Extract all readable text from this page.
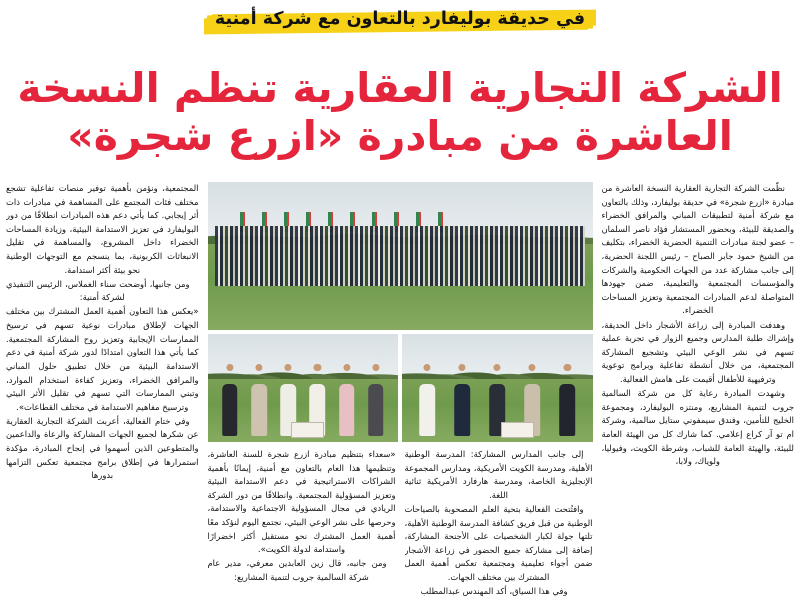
في حديقة بوليفارد بالتعاون مع شركة أمنية
الشركة التجارية العقارية تنظم النسخة
العاشرة من مبادرة «ازرع شجرة»

نظّمت الشركة التجارية العقارية النسخة العاشرة من مبادرة «ازرع شجرة» في حديقة بوليفارد، وذلك بالتعاون مع شركة أمنية لتطبيقات المباني والمرافق الخضراء والصديقة للبيئة، وبحضور المستشار فؤاد ناصر السلمان – عضو لجنة مبادرات التنمية الحضرية الخضراء، بتكليف من الشيخ حمود جابر الصباح – رئيس اللجنة الحضرية، إلى جانب مشاركة عدد من الجهات الحكومية والشركات والمؤسسات المجتمعية والتعليمية، ضمن جهودها المتواصلة لدعم المبادرات المجتمعية وتعزيز المساحات الخضراء.

وهدفت المبادرة إلى زراعة الأشجار داخل الحديقة، وإشراك طلبة المدارس وجميع الزوار في تجربة عملية تسهم في نشر الوعي البيئي وتشجيع المشاركة المجتمعية، من خلال أنشطة تفاعلية وبرامج توعوية وترفيهية للأطفال أقيمت على هامش الفعالية.

وشهدت المبادرة رعاية كل من شركة السالمية جروب لتنمية المشاريع، ومنتزه البوليفارد، ومجموعة الخليج للتأمين، وفندق سيمفوني ستايل سالمية، وشركة ام تو آر كراع إعلامي. كما شارك كل من الهيئة العامة للبيئة، والهيئة العامة للشباب، وشرطة الكويت، وفيوليا، ولوياك، ولابا،

إلى جانب المدارس المشاركة: المدرسة الوطنية الأهلية، ومدرسة الكويت الأمريكية، ومدارس المجموعة الإنجليزية الخاصة، ومدرسة هارفارد الأمريكية ثنائية اللغة.

وافتُتحت الفعالية بتحية العلم المصحوبة بالصياحات الوطنية من قبل فريق كشافة المدرسة الوطنية الأهلية، تلتها جولة لكبار الشخصيات على الأجنحة المشاركة، إضافة إلى مشاركة جميع الحضور في زراعة الأشجار ضمن أجواء تعليمية ومجتمعية تعكس أهمية العمل المشترك بين مختلف الجهات.

وفي هذا السياق، أكد المهندس عبدالمطلب

«سعداء بتنظيم مبادرة ازرع شجرة للسنة العاشرة، وتنظيمها هذا العام بالتعاون مع أمنية، إيمانًا بأهمية الشراكات الاستراتيجية في دعم الاستدامة البيئية وتعزيز المسؤولية المجتمعية. وانطلاقًا من دور الشركة الريادي في مجال المسؤولية الاجتماعية والاستدامة، وحرصها على نشر الوعي البيئي، نجتمع اليوم لنؤكد معًا أهمية العمل المشترك نحو مستقبل أكثر اخضرارًا واستدامة لدولة الكويت».

ومن جانبه، قال زين العابدين معرفي، مدير عام شركة السالمية جروب لتنمية المشاريع:

المجتمعية، ونؤمن بأهمية توفير منصات تفاعلية تشجع مختلف فئات المجتمع على المساهمة في مبادرات ذات أثر إيجابي. كما يأتي دعم هذه المبادرات انطلاقًا من دور البوليفارد في تعزيز الاستدامة البيئية، وزيادة المساحات الخضراء داخل المشروع، والمساهمة في تقليل الانبعاثات الكربونية، بما ينسجم مع التوجهات الوطنية نحو بيئة أكثر استدامة.

ومن جانبها، أوضحت سناء الغملاس، الرئيس التنفيذي لشركة أمنية:

«يعكس هذا التعاون أهمية العمل المشترك بين مختلف الجهات لإطلاق مبادرات نوعية تسهم في ترسيخ الممارسات الإيجابية وتعزيز روح المشاركة المجتمعية. كما يأتي هذا التعاون امتدادًا لدور شركة أمنية في دعم الاستدامة البيئية من خلال تطبيق حلول المباني والمرافق الخضراء، وتعزيز كفاءة استخدام الموارد، وتبني الممارسات التي تسهم في تقليل الأثر البيئي وترسيخ مفاهيم الاستدامة في مختلف القطاعات».

وفي ختام الفعالية، أعربت الشركة التجارية العقارية عن شكرها لجميع الجهات المشاركة والرعاة والداعمين والمتطوعين الذين أسهموا في إنجاح المبادرة، مؤكدة استمرارها في إطلاق برامج مجتمعية تعكس التزامها بدورها
